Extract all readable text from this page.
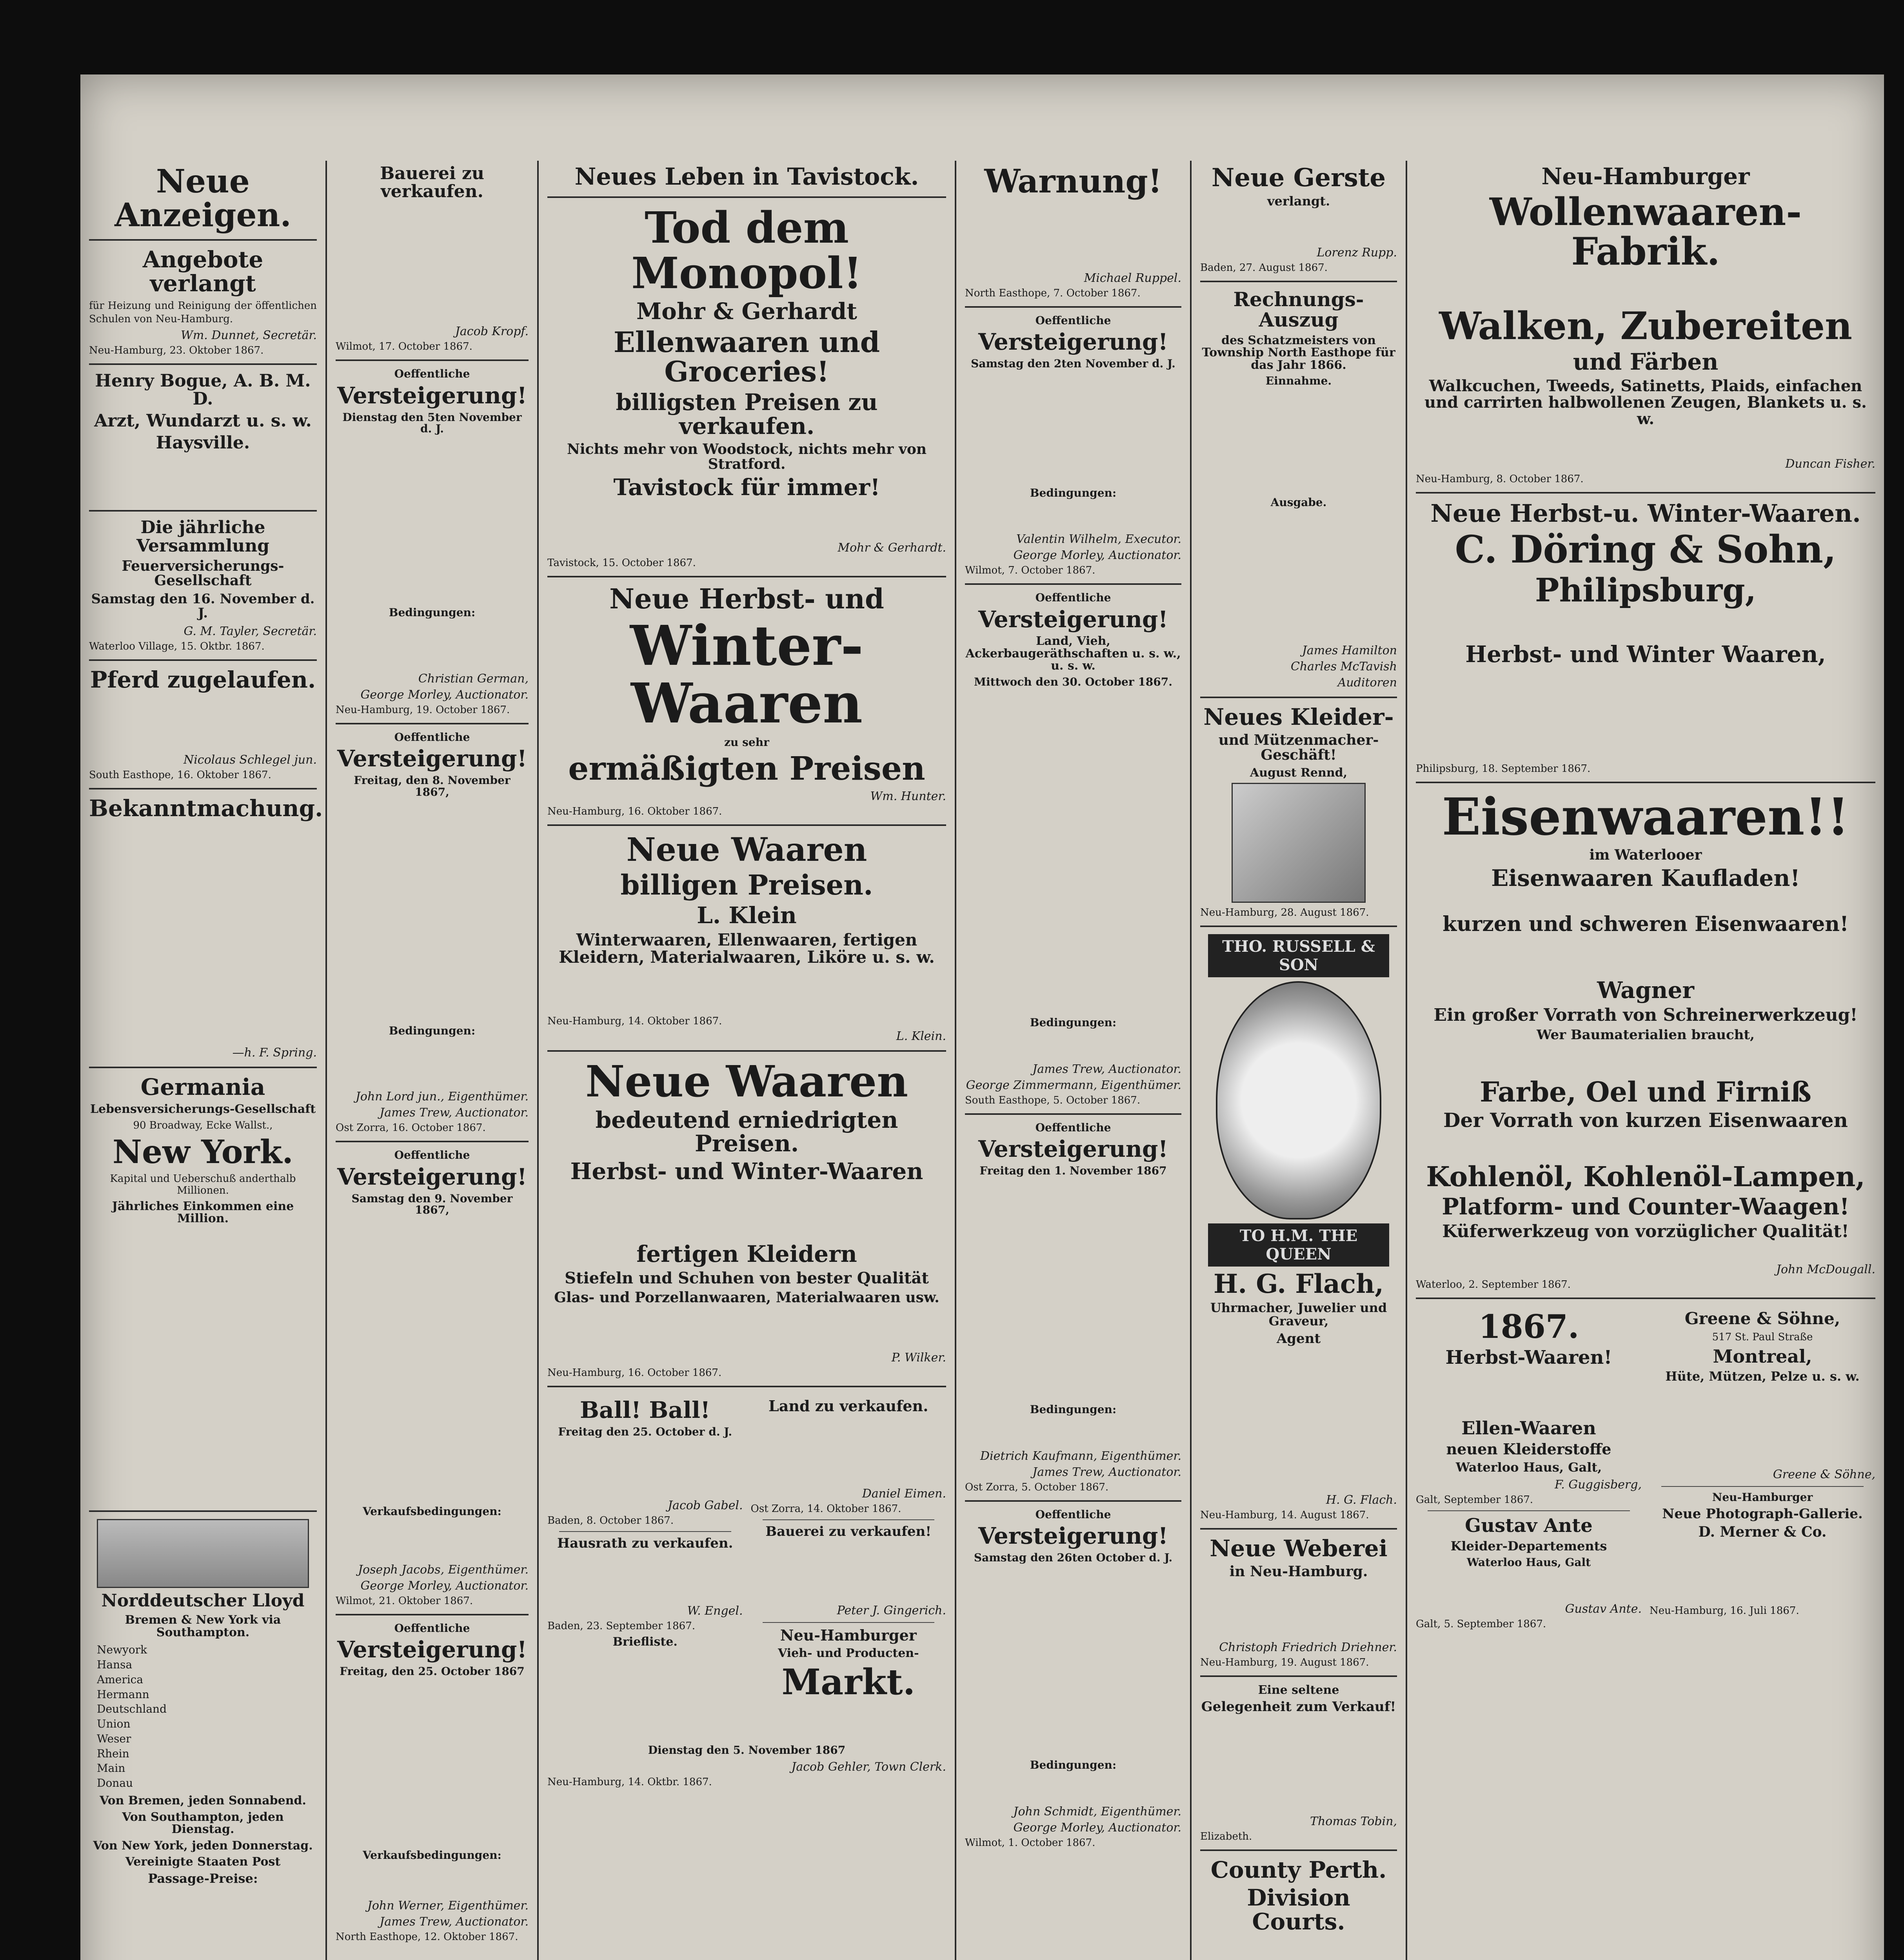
Neue Anzeigen.
Angebote verlangt
für Heizung und Reinigung der öffentlichen Schulen von Neu-Hamburg.
Wm. Dunnet, Secretär.
Neu-Hamburg, 23. Oktober 1867.
Henry Bogue, A. B. M. D.
Arzt, Wundarzt u. s. w.
Haysville.
Die jährliche Versammlung
Feuerversicherungs-Gesellschaft
Samstag den 16. November d. J.
G. M. Tayler, Secretär.
Waterloo Village, 15. Oktbr. 1867.
Pferd zugelaufen.
Nicolaus Schlegel jun.
South Easthope, 16. Oktober 1867.
Bekanntmachung.
—h. F. Spring.
Germania
Lebensversicherungs-Gesellschaft
90 Broadway, Ecke Wallst.,
New York.
Kapital und Ueberschuß anderthalb Millionen.
Jährliches Einkommen eine Million.
Norddeutscher Lloyd
Bremen & New York via Southampton.
Newyork
Hansa
America
Hermann
Deutschland
Union
Weser
Rhein
Main
Donau
Von Bremen, jeden Sonnabend.
Von Southampton, jeden Dienstag.
Von New York, jeden Donnerstag.
Vereinigte Staaten Post
Passage-Preise:
Bauerei zu verkaufen.
Jacob Kropf.
Wilmot, 17. October 1867.
Oeffentliche
Versteigerung!
Dienstag den 5ten November d. J.
Bedingungen:
Christian German,
George Morley, Auctionator.
Neu-Hamburg, 19. October 1867.
Oeffentliche
Versteigerung!
Freitag, den 8. November 1867,
Bedingungen:
John Lord jun., Eigenthümer.
James Trew, Auctionator.
Ost Zorra, 16. October 1867.
Oeffentliche
Versteigerung!
Samstag den 9. November 1867,
Verkaufsbedingungen:
Joseph Jacobs, Eigenthümer.
George Morley, Auctionator.
Wilmot, 21. Oktober 1867.
Oeffentliche
Versteigerung!
Freitag, den 25. October 1867
Verkaufsbedingungen:
John Werner, Eigenthümer.
James Trew, Auctionator.
North Easthope, 12. Oktober 1867.
Neues Leben in Tavistock.
Tod dem Monopol!
Mohr & Gerhardt
Ellenwaaren und Groceries!
billigsten Preisen zu verkaufen.
Nichts mehr von Woodstock, nichts mehr von Stratford.
Tavistock für immer!
Mohr & Gerhardt.
Tavistock, 15. October 1867.
Neue Herbst- und
Winter-Waaren
zu sehr
ermäßigten Preisen
Wm. Hunter.
Neu-Hamburg, 16. Oktober 1867.
Neue Waaren
billigen Preisen.
L. Klein
Winterwaaren, Ellenwaaren, fertigen Kleidern, Materialwaaren, Liköre u. s. w.
Neu-Hamburg, 14. Oktober 1867.
L. Klein.
Neue Waaren
bedeutend erniedrigten Preisen.
Herbst- und Winter-Waaren
fertigen Kleidern
Stiefeln und Schuhen von bester Qualität
Glas- und Porzellanwaaren, Materialwaaren usw.
P. Wilker.
Neu-Hamburg, 16. October 1867.
Ball! Ball!
Freitag den 25. October d. J.
Jacob Gabel.
Baden, 8. October 1867.
Hausrath zu verkaufen.
W. Engel.
Baden, 23. September 1867.
Briefliste.
Land zu verkaufen.
Daniel Eimen.
Ost Zorra, 14. Oktober 1867.
Bauerei zu verkaufen!
Peter J. Gingerich.
Neu-Hamburger
Vieh- und Producten-
Markt.
Dienstag den 5. November 1867
Jacob Gehler, Town Clerk.
Neu-Hamburg, 14. Oktbr. 1867.
Warnung!
Michael Ruppel.
North Easthope, 7. October 1867.
Oeffentliche
Versteigerung!
Samstag den 2ten November d. J.
Bedingungen:
Valentin Wilhelm, Executor.
George Morley, Auctionator.
Wilmot, 7. October 1867.
Oeffentliche
Versteigerung!
Land, Vieh, Ackerbaugeräthschaften u. s. w., u. s. w.
Mittwoch den 30. October 1867.
Bedingungen:
James Trew, Auctionator.
George Zimmermann, Eigenthümer.
South Easthope, 5. October 1867.
Oeffentliche
Versteigerung!
Freitag den 1. November 1867
Bedingungen:
Dietrich Kaufmann, Eigenthümer.
James Trew, Auctionator.
Ost Zorra, 5. October 1867.
Oeffentliche
Versteigerung!
Samstag den 26ten October d. J.
Bedingungen:
John Schmidt, Eigenthümer.
George Morley, Auctionator.
Wilmot, 1. October 1867.
Neue Gerste
verlangt.
Lorenz Rupp.
Baden, 27. August 1867.
Rechnungs-Auszug
des Schatzmeisters von Township North Easthope für das Jahr 1866.
Einnahme.
Ausgabe.
James Hamilton
Charles McTavish
Auditoren
Neues Kleider-
und Mützenmacher-Geschäft!
August Rennd,
Neu-Hamburg, 28. August 1867.
THO. RUSSELL & SON
TO H.M. THE QUEEN
H. G. Flach,
Uhrmacher, Juwelier und Graveur,
Agent
H. G. Flach.
Neu-Hamburg, 14. August 1867.
Neue Weberei
in Neu-Hamburg.
Christoph Friedrich Driehner.
Neu-Hamburg, 19. August 1867.
Eine seltene
Gelegenheit zum Verkauf!
Thomas Tobin,
Elizabeth.
County Perth.
Division Courts.
Neu-Hamburger
Wollenwaaren-Fabrik.
Walken, Zubereiten
und Färben
Walkcuchen, Tweeds, Satinetts, Plaids, einfachen und carrirten halbwollenen Zeugen, Blankets u. s. w.
Duncan Fisher.
Neu-Hamburg, 8. October 1867.
Neue Herbst-u. Winter-Waaren.
C. Döring & Sohn,
Philipsburg,
Herbst- und Winter Waaren,
Philipsburg, 18. September 1867.
Eisenwaaren!!
im Waterlooer
Eisenwaaren Kaufladen!
kurzen und schweren Eisenwaaren!
Wagner
Ein großer Vorrath von Schreinerwerkzeug!
Wer Baumaterialien braucht,
Farbe, Oel und Firniß
Der Vorrath von kurzen Eisenwaaren
Kohlenöl, Kohlenöl-Lampen,
Platform- und Counter-Waagen!
Küferwerkzeug von vorzüglicher Qualität!
John McDougall.
Waterloo, 2. September 1867.
1867.
Herbst-Waaren!
Ellen-Waaren
neuen Kleiderstoffe
Waterloo Haus, Galt,
F. Guggisberg,
Galt, September 1867.
Gustav Ante
Kleider-Departements
Waterloo Haus, Galt
Gustav Ante.
Galt, 5. September 1867.
Greene & Söhne,
517 St. Paul Straße
Montreal,
Hüte, Mützen, Pelze u. s. w.
Greene & Söhne,
Neu-Hamburger
Neue Photograph-Gallerie.
D. Merner & Co.
Neu-Hamburg, 16. Juli 1867.
